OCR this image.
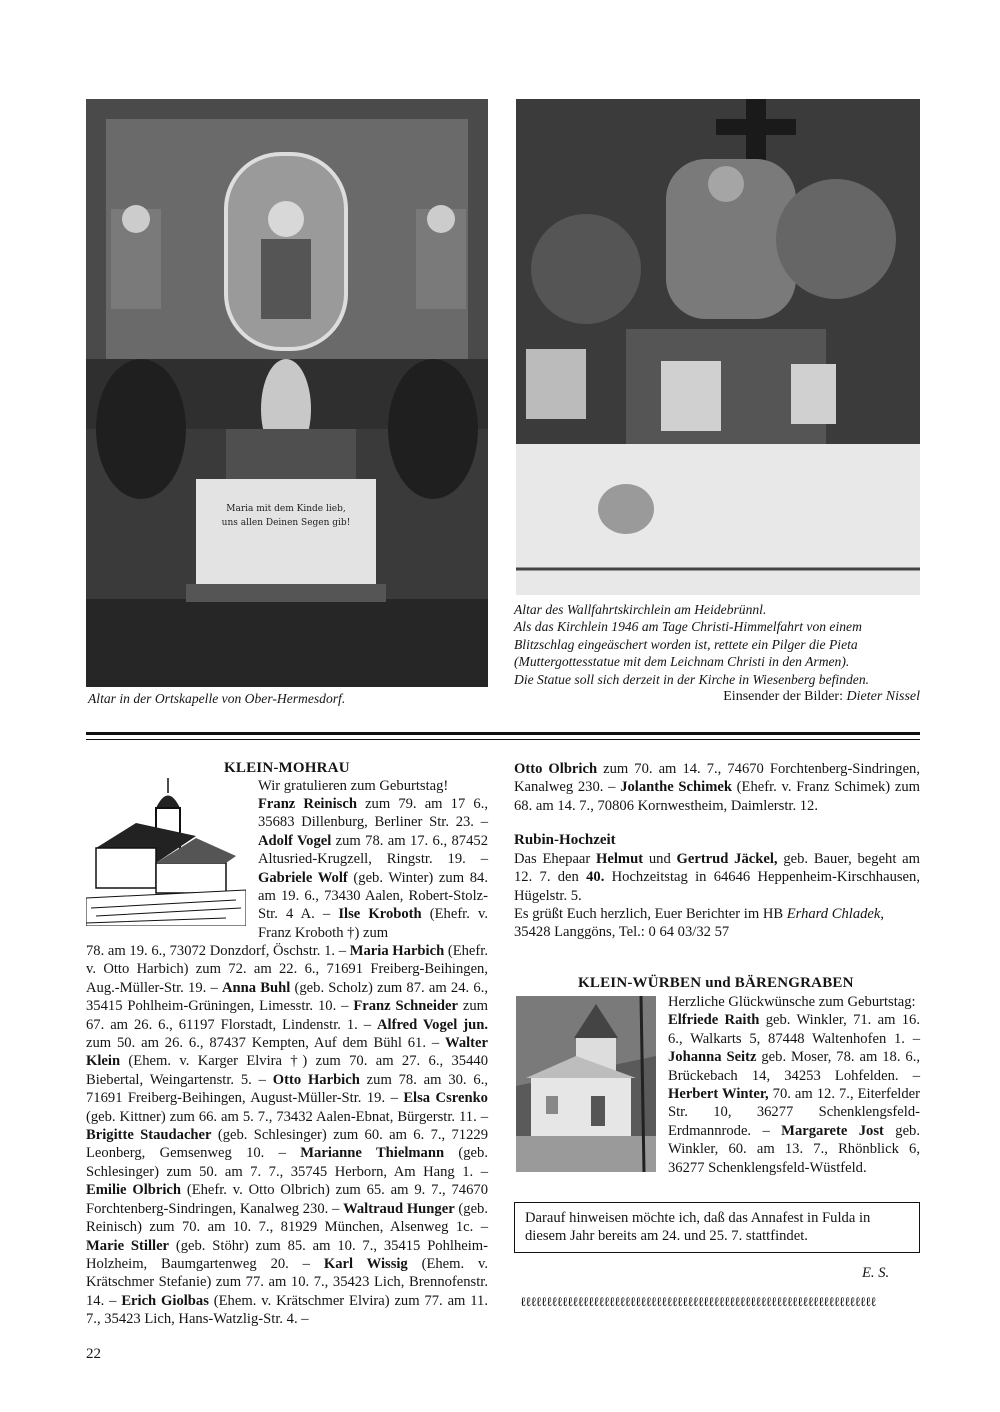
Maria mit dem Kinde lieb,
uns allen Deinen Segen gib!
Altar in der Ortskapelle von Ober-Hermesdorf.
Altar des Wallfahrtskirchlein am Heidebrünnl.
Als das Kirchlein 1946 am Tage Christi-Himmelfahrt von einem
Blitzschlag eingeäschert worden ist, rettete ein Pilger die Pieta
(Muttergottesstatue mit dem Leichnam Christi in den Armen).
Die Statue soll sich derzeit in der Kirche in Wiesenberg befinden.
Einsender der Bilder: Dieter Nissel
KLEIN-MOHRAU
Wir gratulieren zum Geburtstag!
Franz Reinisch zum 79. am 17 6., 35683 Dillenburg, Berliner Str. 23. – Adolf Vogel zum 78. am 17. 6., 87452 Altusried-Krugzell, Ringstr. 19. – Gabriele Wolf (geb. Winter) zum 84. am 19. 6., 73430 Aalen, Robert-Stolz-Str. 4 A. – Ilse Kroboth (Ehefr. v. Franz Kroboth †) zum
78. am 19. 6., 73072 Donzdorf, Öschstr. 1. – Maria Harbich (Ehefr. v. Otto Harbich) zum 72. am 22. 6., 71691 Freiberg-Beihingen, Aug.-Müller-Str. 19. – Anna Buhl (geb. Scholz) zum 87. am 24. 6., 35415 Pohlheim-Grüningen, Limesstr. 10. – Franz Schneider zum 67. am 26. 6., 61197 Florstadt, Lindenstr. 1. – Alfred Vogel jun. zum 50. am 26. 6., 87437 Kempten, Auf dem Bühl 61. – Walter Klein (Ehem. v. Karger Elvira †) zum 70. am 27. 6., 35440 Biebertal, Weingartenstr. 5. – Otto Harbich zum 78. am 30. 6., 71691 Freiberg-Beihingen, August-Müller-Str. 19. – Elsa Csrenko (geb. Kittner) zum 66. am 5. 7., 73432 Aalen-Ebnat, Bürgerstr. 11. – Brigitte Staudacher (geb. Schlesinger) zum 60. am 6. 7., 71229 Leonberg, Gemsenweg 10. – Marianne Thielmann (geb. Schlesinger) zum 50. am 7. 7., 35745 Herborn, Am Hang 1. – Emilie Olbrich (Ehefr. v. Otto Olbrich) zum 65. am 9. 7., 74670 Forchtenberg-Sindringen, Kanalweg 230. – Waltraud Hunger (geb. Reinisch) zum 70. am 10. 7., 81929 München, Alsenweg 1c. – Marie Stiller (geb. Stöhr) zum 85. am 10. 7., 35415 Pohlheim-Holzheim, Baumgartenweg 20. – Karl Wissig (Ehem. v. Krätschmer Stefanie) zum 77. am 10. 7., 35423 Lich, Brennofenstr. 14. – Erich Giolbas (Ehem. v. Krätschmer Elvira) zum 77. am 11. 7., 35423 Lich, Hans-Watzlig-Str. 4. –
Otto Olbrich zum 70. am 14. 7., 74670 Forchtenberg-Sindringen, Kanalweg 230. – Jolanthe Schimek (Ehefr. v. Franz Schimek) zum 68. am 14. 7., 70806 Kornwestheim, Daimlerstr. 12.
Rubin-Hochzeit
Das Ehepaar Helmut und Gertrud Jäckel, geb. Bauer, begeht am 12. 7. den 40. Hochzeitstag in 64646 Heppenheim-Kirschhausen, Hügelstr. 5.
Es grüßt Euch herzlich, Euer Berichter im HB Erhard Chladek,
35428 Langgöns, Tel.: 0 64 03/32 57
KLEIN-WÜRBEN und BÄRENGRABEN
Herzliche Glückwünsche zum Geburtstag:
Elfriede Raith geb. Winkler, 71. am 16. 6., Walkarts 5, 87448 Waltenhofen 1. – Johanna Seitz geb. Moser, 78. am 18. 6., Brückebach 14, 34253 Lohfelden. – Herbert Winter, 70. am 12. 7., Eiterfelder Str. 10, 36277 Schenklengsfeld-Erdmannrode. – Margarete Jost geb. Winkler, 60. am 13. 7., Rhönblick 6, 36277 Schenklengsfeld-Wüstfeld.
Darauf hinweisen möchte ich, daß das Annafest in Fulda in diesem Jahr bereits am 24. und 25. 7. stattfindet.
E. S.
ℓℓℓℓℓℓℓℓℓℓℓℓℓℓℓℓℓℓℓℓℓℓℓℓℓℓℓℓℓℓℓℓℓℓℓℓℓℓℓℓℓℓℓℓℓℓℓℓℓℓℓℓℓℓℓℓℓℓℓℓℓℓℓℓℓℓℓℓ
22
